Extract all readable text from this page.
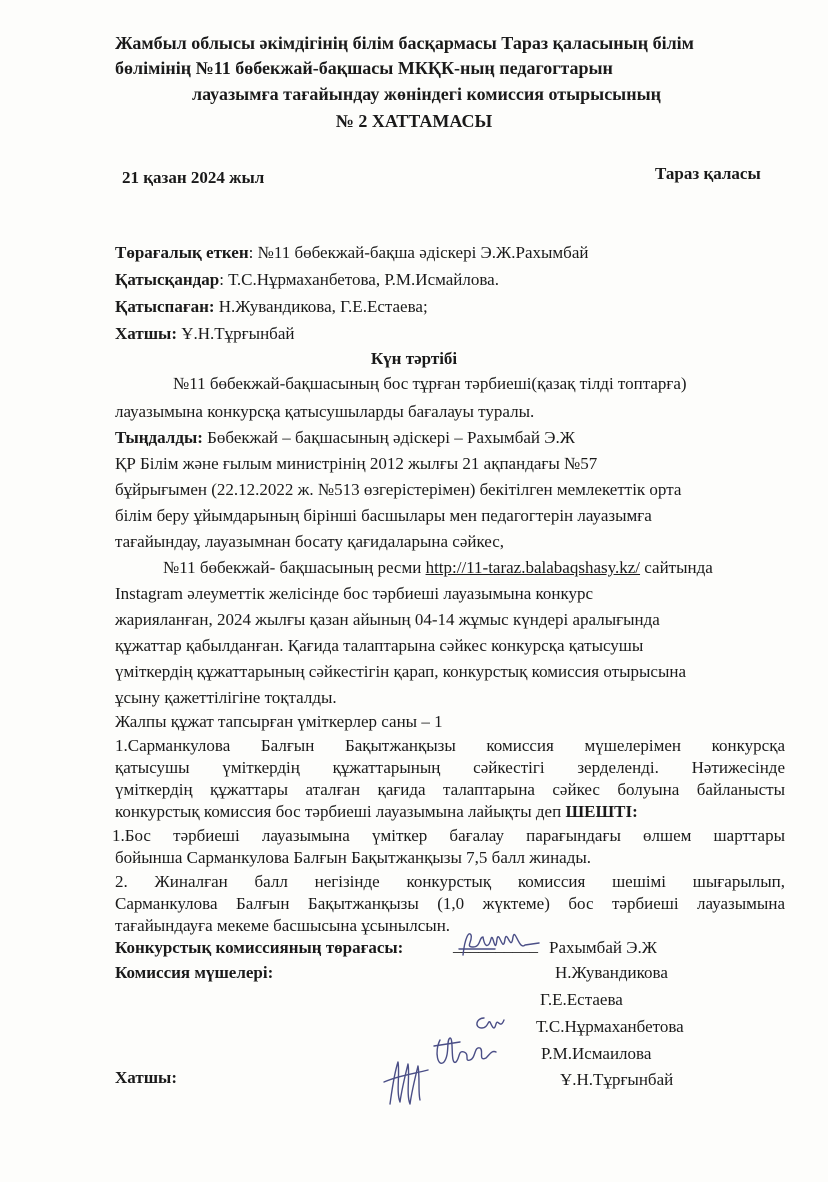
Жамбыл облысы әкімдігінің білім басқармасы Тараз қаласының білім
бөлімінің №11 бөбекжай-бақшасы МКҚК-ның педагогтарын
лауазымға тағайындау жөніндегі комиссия отырысының
№ 2 ХАТТАМАСЫ
21 қазан 2024 жыл	Тараз қаласы
Төрағалық еткен: №11 бөбекжай-бақша әдіскері Э.Ж.Рахымбай
Қатысқандар: Т.С.Нұрмаханбетова, Р.М.Исмайлова.
Қатыспаған: Н.Жувандикова, Г.Е.Естаева;
Хатшы: Ұ.Н.Тұрғынбай
Күн тәртібі
№11 бөбекжай-бақшасының бос тұрған тәрбиеші(қазақ тілді топтарға)
лауазымына конкурсқа қатысушыларды бағалауы туралы.
Тыңдалды: Бөбекжай – бақшасының әдіскері – Рахымбай Э.Ж
ҚР Білім және ғылым министрінің 2012 жылғы 21 ақпандағы №57
бұйрығымен (22.12.2022 ж. №513 өзгерістерімен) бекітілген мемлекеттік орта
білім беру ұйымдарының бірінші басшылары мен педагогтерін лауазымға
тағайындау, лауазымнан босату қағидаларына сәйкес,
№11 бөбекжай- бақшасының ресми http://11-taraz.balabaqshasy.kz/ сайтында
Instagram әлеуметтік желісінде бос тәрбиеші лауазымына конкурс
жарияланған, 2024 жылғы қазан айының 04-14 жұмыс күндері аралығында
құжаттар қабылданған. Қағида талаптарына сәйкес конкурсқа қатысушы
үміткердің құжаттарының сәйкестігін қарап, конкурстық комиссия отырысына
ұсыну қажеттілігіне тоқталды.
Жалпы құжат тапсырған үміткерлер саны – 1
1.Сарманкулова Балғын Бақытжанқызы комиссия мүшелерімен конкурсқа
қатысушы үміткердің құжаттарының сәйкестігі зерделенді. Нәтижесінде
үміткердің құжаттары аталған қағида талаптарына сәйкес болуына байланысты
конкурстық комиссия бос тәрбиеші лауазымына лайықты деп ШЕШТІ:
1.Бос тәрбиеші лауазымына үміткер бағалау парағындағы өлшем шарттары
бойынша Сарманкулова Балғын Бақытжанқызы 7,5 балл жинады.
2. Жиналған балл негізінде конкурстық комиссия шешімі шығарылып,
Сарманкулова Балғын Бақытжанқызы (1,0 жүктеме) бос тәрбиеші лауазымына
тағайындауға мекеме басшысына ұсынылсын.
Конкурстық комиссияның төрағасы:	__________ Рахымбай Э.Ж
Комиссия мүшелері:	Н.Жувандикова
Г.Е.Естаева
Т.С.Нұрмаханбетова
Р.М.Исмаилова
Хатшы:	Ұ.Н.Тұрғынбай
